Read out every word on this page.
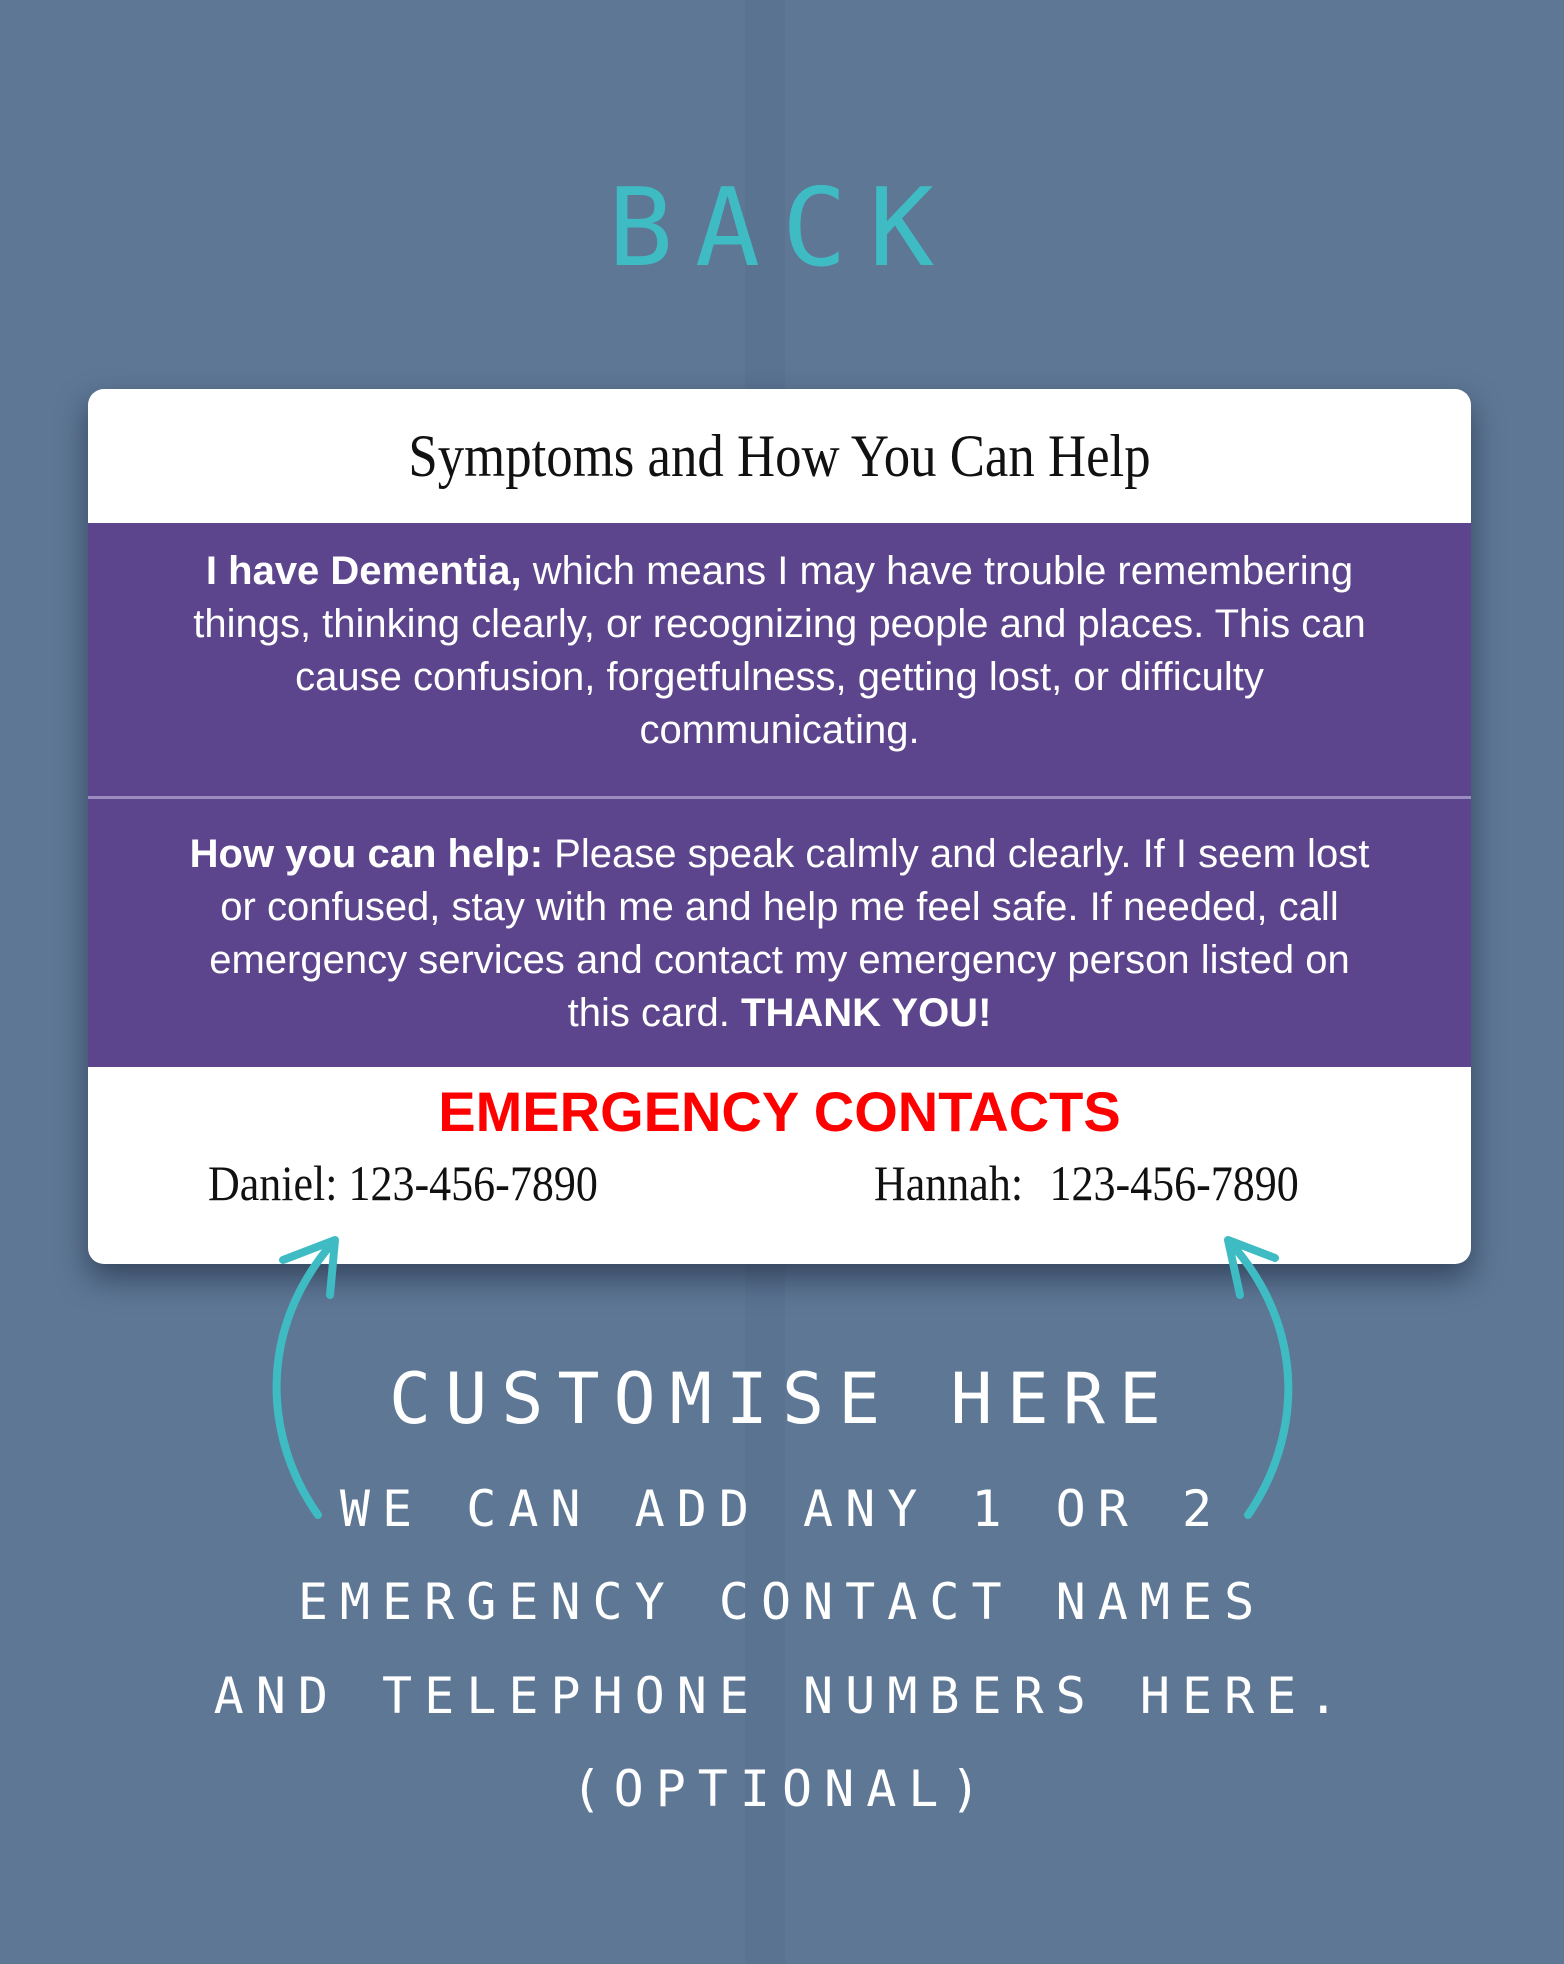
BACK
Symptoms and How You Can Help
I have Dementia, which means I may have trouble remembering things, thinking clearly, or recognizing people and places. This can cause confusion, forgetfulness, getting lost, or difficulty communicating.
How you can help: Please speak calmly and clearly. If I seem lost or confused, stay with me and help me feel safe. If needed, call emergency services and contact my emergency person listed on this card. THANK YOU!
EMERGENCY CONTACTS
Daniel: 123-456-7890	Hannah: 123-456-7890
CUSTOMISE HERE
WE CAN ADD ANY 1 OR 2
EMERGENCY CONTACT NAMES
AND TELEPHONE NUMBERS HERE.
(OPTIONAL)
